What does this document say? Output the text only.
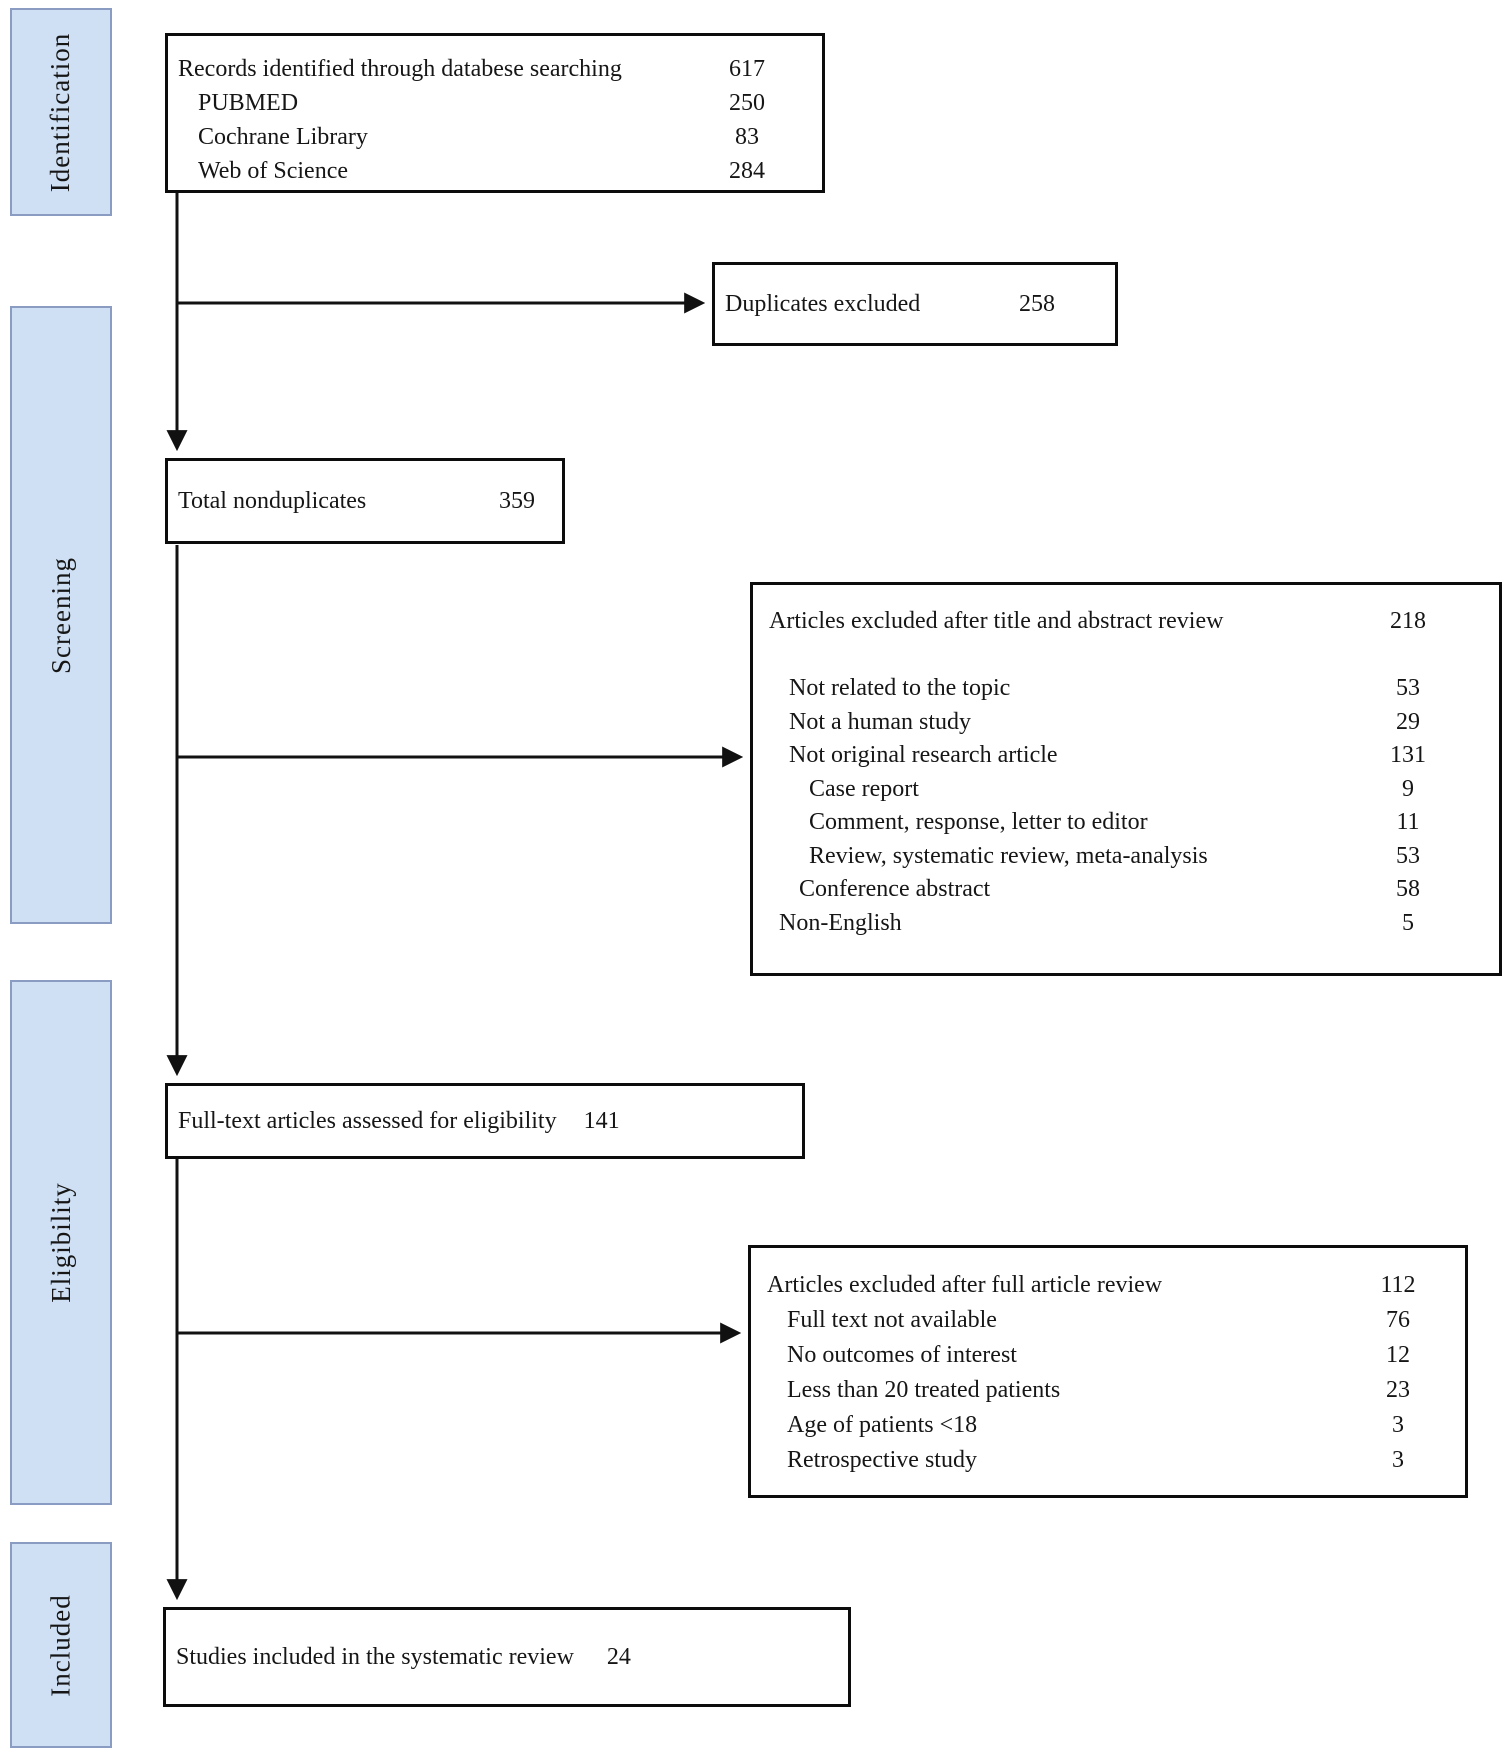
Identification
Screening
Eligibility
Included
Records identified through databese searching	617
PUBMED	250
Cochrane Library	83
Web of Science	284
Duplicates excluded	258
Total nonduplicates	359
Articles excluded after title and abstract review	218
Not related to the topic	53
Not a human study	29
Not original research article	131
Case report	9
Comment, response, letter to editor	11
Review, systematic review, meta-analysis	53
Conference abstract	58
Non-English	5
Full-text articles assessed for eligibility	141
Articles excluded after full article review	112
Full text not available	76
No outcomes of interest	12
Less than 20 treated patients	23
Age of patients <18	3
Retrospective study	3
Studies included in the systematic review	24
